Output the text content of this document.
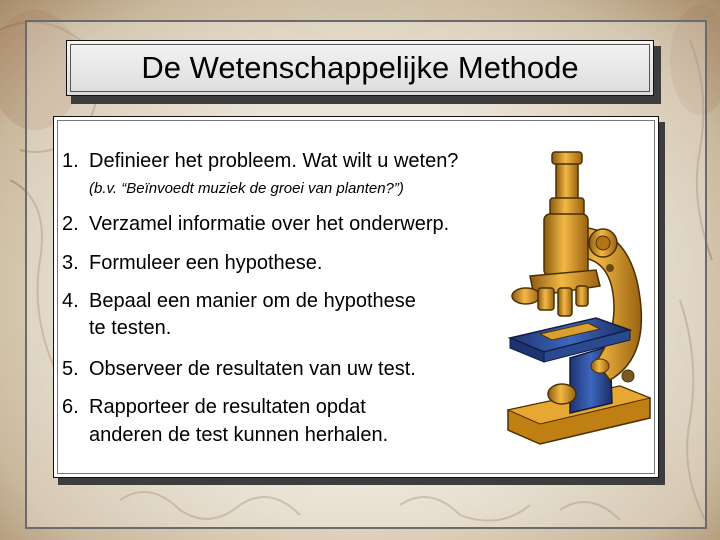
De Wetenschappelijke Methode
1. Definieer het probleem. Wat wilt u weten?
(b.v. “Beïnvoedt muziek de groei van planten?”)
2. Verzamel informatie over het onderwerp.
3. Formuleer een hypothese.
4. Bepaal een manier om de hypothese
te testen.
5. Observeer de resultaten van uw test.
6. Rapporteer de resultaten opdat
anderen de test kunnen herhalen.
